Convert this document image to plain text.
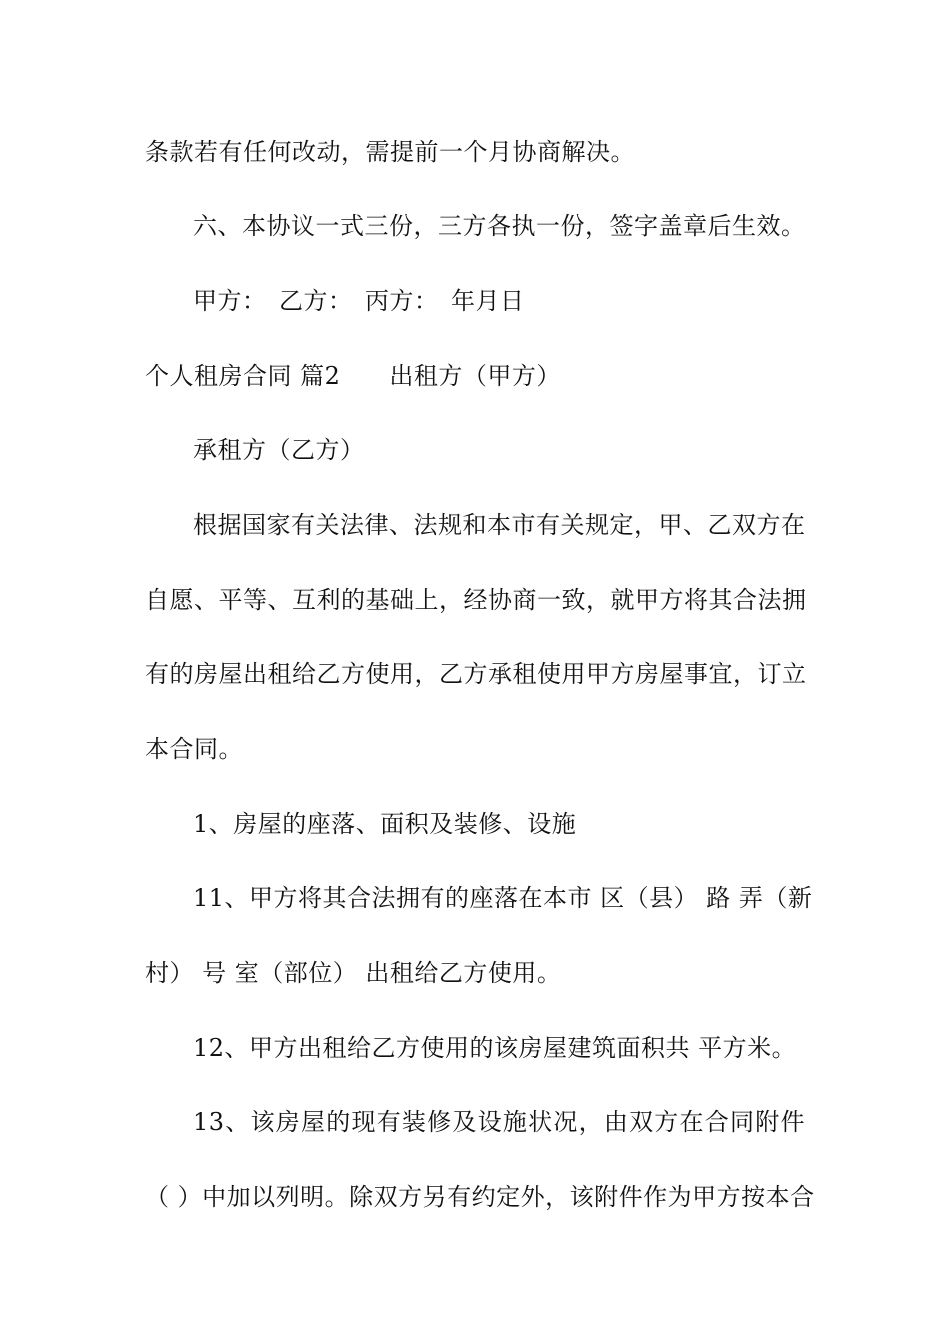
条款若有任何改动，需提前一个月协商解决。
六、本协议一式三份，三方各执一份，签字盖章后生效。
甲方：　乙方：　丙方：　年月日
个人租房合同 篇2　　出租方（甲方）
承租方（乙方）
根据国家有关法律、法规和本市有关规定，甲、乙双方在
自愿、平等、互利的基础上，经协商一致，就甲方将其合法拥
有的房屋出租给乙方使用，乙方承租使用甲方房屋事宜，订立
本合同。
1、房屋的座落、面积及装修、设施
11、甲方将其合法拥有的座落在本市 区（县） 路 弄（新
村） 号 室（部位） 出租给乙方使用。
12、甲方出租给乙方使用的该房屋建筑面积共 平方米。
13、该房屋的现有装修及设施状况，由双方在合同附件
（ ）中加以列明。除双方另有约定外，该附件作为甲方按本合
